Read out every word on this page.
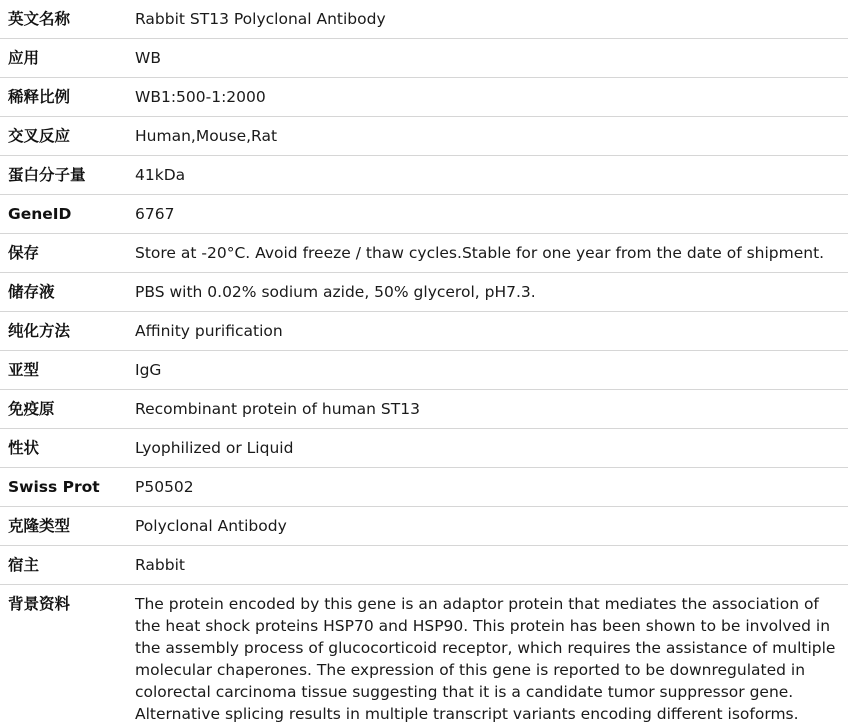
英文名称	Rabbit ST13 Polyclonal Antibody
应用	WB
稀释比例	WB1:500-1:2000
交叉反应	Human,Mouse,Rat
蛋白分子量	41kDa
GeneID	6767
保存	Store at -20°C. Avoid freeze / thaw cycles.Stable for one year from the date of shipment.
储存液	PBS with 0.02% sodium azide, 50% glycerol, pH7.3.
纯化方法	Affinity purification
亚型	IgG
免疫原	Recombinant protein of human ST13
性状	Lyophilized or Liquid
Swiss Prot	P50502
克隆类型	Polyclonal Antibody
宿主	Rabbit
背景资料	The protein encoded by this gene is an adaptor protein that mediates the association of the heat shock proteins HSP70 and HSP90. This protein has been shown to be involved in the assembly process of glucocorticoid receptor, which requires the assistance of multiple molecular chaperones. The expression of this gene is reported to be downregulated in colorectal carcinoma tissue suggesting that it is a candidate tumor suppressor gene. Alternative splicing results in multiple transcript variants encoding different isoforms.
